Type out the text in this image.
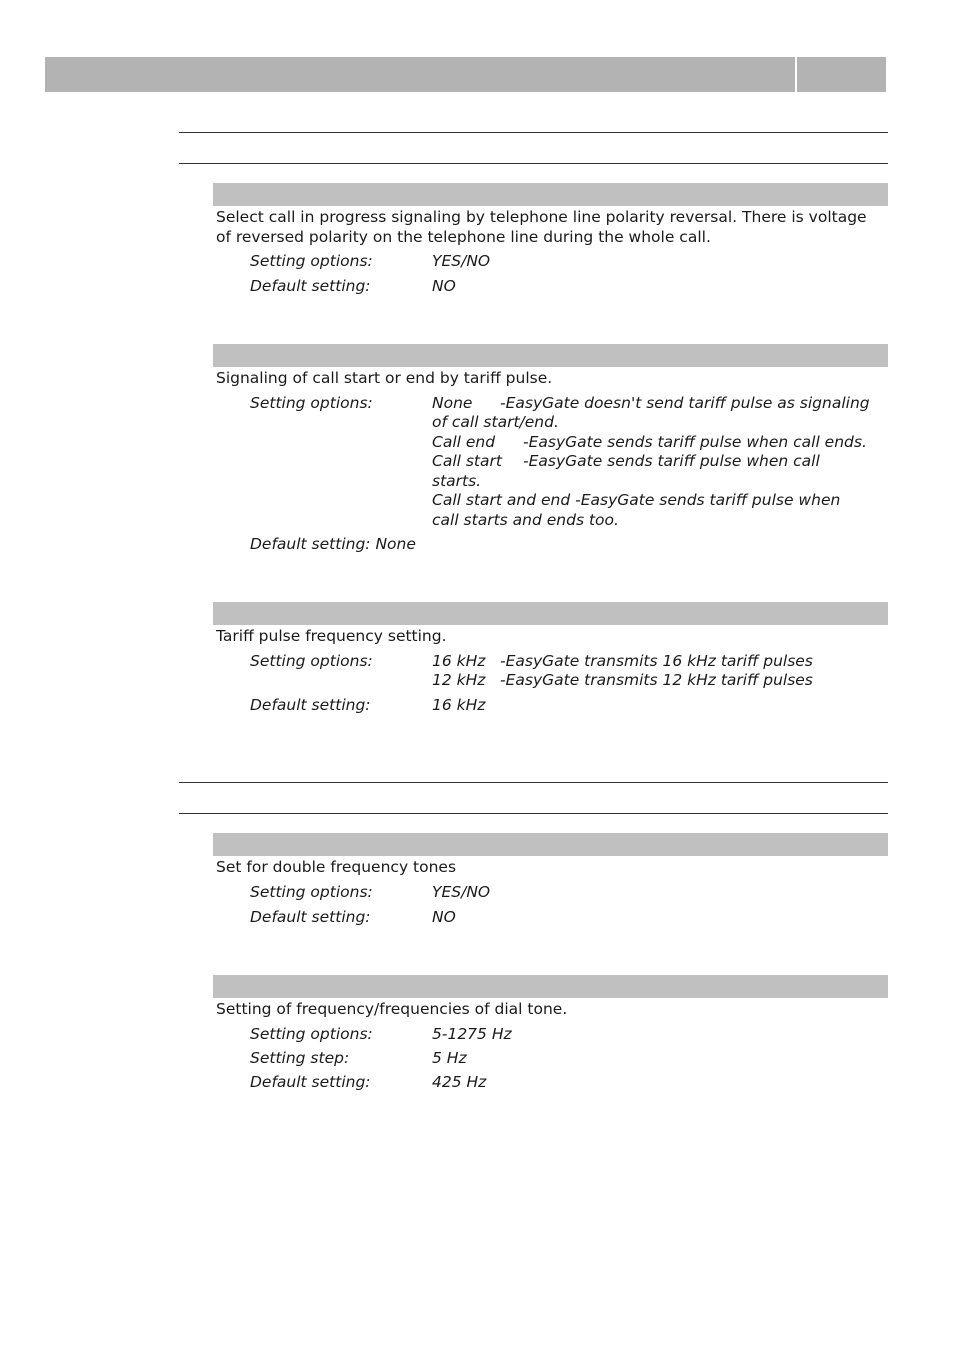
Select call in progress signaling by telephone line polarity reversal. There is voltage of reversed polarity on the telephone line during the whole call.
Setting options:	YES/NO
Default setting:	NO
Signaling of call start or end by tariff pulse.
Setting options:	None -EasyGate doesn't send tariff pulse as signaling
of call start/end.
Call end -EasyGate sends tariff pulse when call ends.
Call start -EasyGate sends tariff pulse when call
starts.
Call start and end -EasyGate sends tariff pulse when
call starts and ends too.
Default setting: None
Tariff pulse frequency setting.
Setting options:	16 kHz -EasyGate transmits 16 kHz tariff pulses
12 kHz -EasyGate transmits 12 kHz tariff pulses
Default setting:	16 kHz
Set for double frequency tones
Setting options:	YES/NO
Default setting:	NO
Setting of frequency/frequencies of dial tone.
Setting options:	5-1275 Hz
Setting step:	5 Hz
Default setting:	425 Hz
